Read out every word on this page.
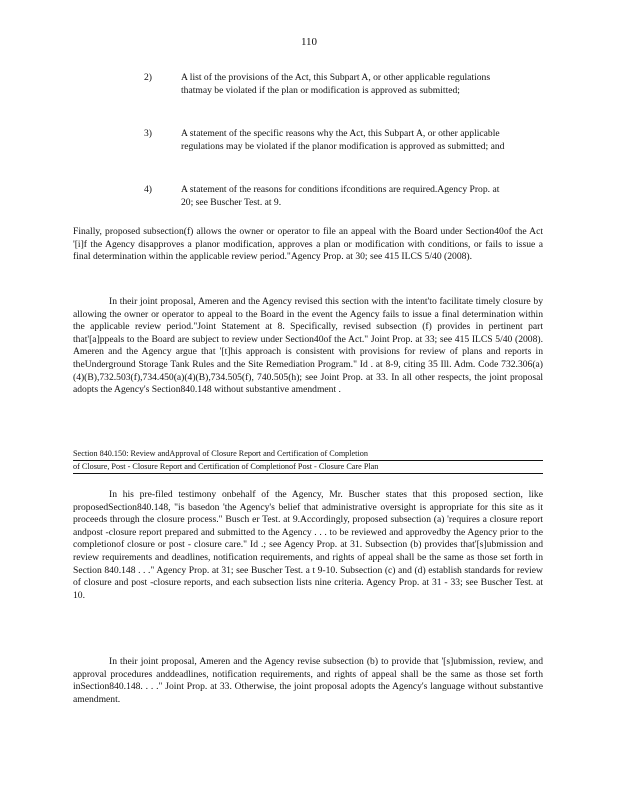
110
2)	A list of the provisions of the Act, this Subpart A, or other applicable regulations thatmay be violated if the plan or modification is approved as submitted;
3)	A statement of the specific reasons why the Act, this Subpart A, or other applicable regulations may be violated if the planor modification is approved as submitted; and
4)	A statement of the reasons for conditions ifconditions are required.Agency Prop. at 20; see Buscher Test. at 9.
Finally, proposed subsection(f) allows the owner or operator to file an appeal with the Board under Section40of the Act '[i]f the Agency disapproves a planor modification, approves a plan or modification with conditions, or fails to issue a final determination within the applicable review period."Agency Prop. at 30; see 415 ILCS 5/40 (2008).
In their joint proposal, Ameren and the Agency revised this section with the intent'to facilitate timely closure by allowing the owner or operator to appeal to the Board in the event the Agency fails to issue a final determination within the applicable review period."Joint Statement at 8. Specifically, revised subsection (f) provides in pertinent part that'[a]ppeals to the Board are subject to review under Section40of the Act." Joint Prop. at 33; see 415 ILCS 5/40 (2008). Ameren and the Agency argue that '[t]his approach is consistent with provisions for review of plans and reports in theUnderground Storage Tank Rules and the Site Remediation Program." Id . at 8-9, citing 35 Ill. Adm. Code 732.306(a)(4)(B),732.503(f),734.450(a)(4)(B),734.505(f), 740.505(h); see Joint Prop. at 33. In all other respects, the joint proposal adopts the Agency's Section840.148 without substantive amendment .
Section 840.150: Review andApproval of Closure Report and Certification of Completion
of Closure, Post - Closure Report and Certification of Completionof Post - Closure Care Plan
In his pre-filed testimony onbehalf of the Agency, Mr. Buscher states that this proposed section, like proposedSection840.148, "is basedon 'the Agency's belief that administrative oversight is appropriate for this site as it proceeds through the closure process." Busch er Test. at 9.Accordingly, proposed subsection (a) 'requires a closure report andpost -closure report prepared and submitted to the Agency . . . to be reviewed and approvedby the Agency prior to the completionof closure or post - closure care." Id .; see Agency Prop. at 31. Subsection (b) provides that'[s]ubmission and review requirements and deadlines, notification requirements, and rights of appeal shall be the same as those set forth in Section 840.148 . . ." Agency Prop. at 31; see Buscher Test. a t 9-10. Subsection (c) and (d) establish standards for review of closure and post -closure reports, and each subsection lists nine criteria. Agency Prop. at 31 - 33; see Buscher Test. at 10.
In their joint proposal, Ameren and the Agency revise subsection (b) to provide that '[s]ubmission, review, and approval procedures anddeadlines, notification requirements, and rights of appeal shall be the same as those set forth inSection840.148. . . ." Joint Prop. at 33. Otherwise, the joint proposal adopts the Agency's language without substantive amendment.
